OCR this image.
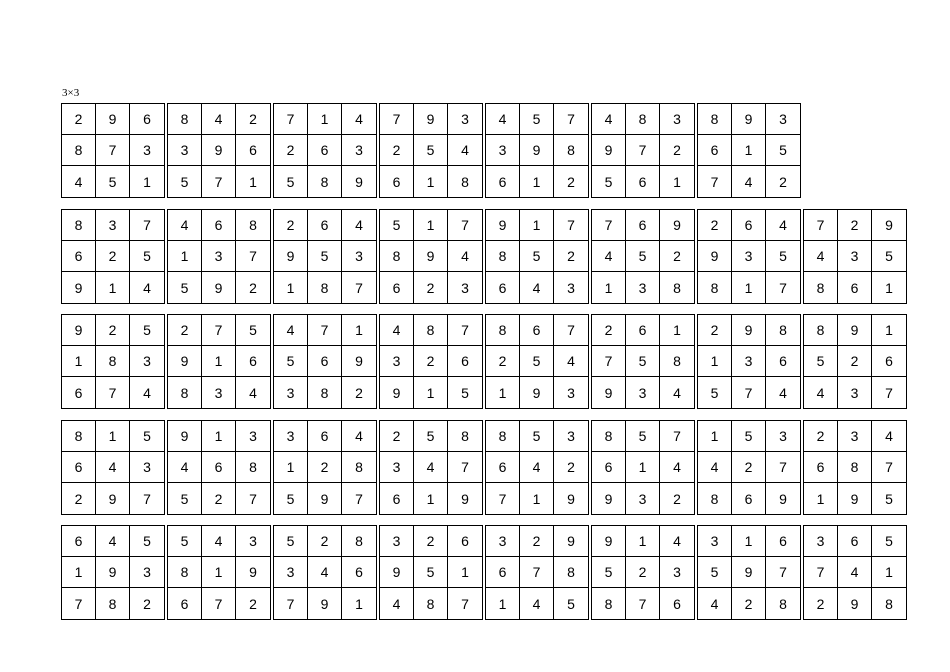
3×3
2	9	6
8	7	3
4	5	1
8	4	2
3	9	6
5	7	1
7	1	4
2	6	3
5	8	9
7	9	3
2	5	4
6	1	8
4	5	7
3	9	8
6	1	2
4	8	3
9	7	2
5	6	1
8	9	3
6	1	5
7	4	2
8	3	7
6	2	5
9	1	4
4	6	8
1	3	7
5	9	2
2	6	4
9	5	3
1	8	7
5	1	7
8	9	4
6	2	3
9	1	7
8	5	2
6	4	3
7	6	9
4	5	2
1	3	8
2	6	4
9	3	5
8	1	7
7	2	9
4	3	5
8	6	1
9	2	5
1	8	3
6	7	4
2	7	5
9	1	6
8	3	4
4	7	1
5	6	9
3	8	2
4	8	7
3	2	6
9	1	5
8	6	7
2	5	4
1	9	3
2	6	1
7	5	8
9	3	4
2	9	8
1	3	6
5	7	4
8	9	1
5	2	6
4	3	7
8	1	5
6	4	3
2	9	7
9	1	3
4	6	8
5	2	7
3	6	4
1	2	8
5	9	7
2	5	8
3	4	7
6	1	9
8	5	3
6	4	2
7	1	9
8	5	7
6	1	4
9	3	2
1	5	3
4	2	7
8	6	9
2	3	4
6	8	7
1	9	5
6	4	5
1	9	3
7	8	2
5	4	3
8	1	9
6	7	2
5	2	8
3	4	6
7	9	1
3	2	6
9	5	1
4	8	7
3	2	9
6	7	8
1	4	5
9	1	4
5	2	3
8	7	6
3	1	6
5	9	7
4	2	8
3	6	5
7	4	1
2	9	8
